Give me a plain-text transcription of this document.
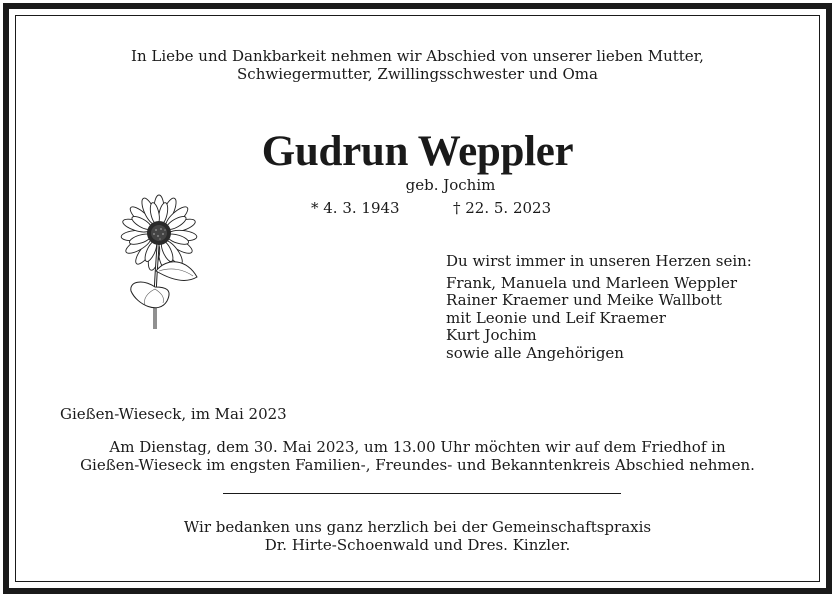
In Liebe und Dankbarkeit nehmen wir Abschied von unserer lieben Mutter,
Schwiegermutter, Zwillingsschwester und Oma
Gudrun Weppler
geb. Jochim
* 4. 3. 1943	† 22. 5. 2023
Du wirst immer in unseren Herzen sein:
Frank, Manuela und Marleen Weppler
Rainer Kraemer und Meike Wallbott
mit Leonie und Leif Kraemer
Kurt Jochim
sowie alle Angehörigen
Gießen-Wieseck, im Mai 2023
Am Dienstag, dem 30. Mai 2023, um 13.00 Uhr möchten wir auf dem Friedhof in
Gießen-Wieseck im engsten Familien-, Freundes- und Bekanntenkreis Abschied nehmen.
Wir bedanken uns ganz herzlich bei der Gemeinschaftspraxis
Dr. Hirte-Schoenwald und Dres. Kinzler.
